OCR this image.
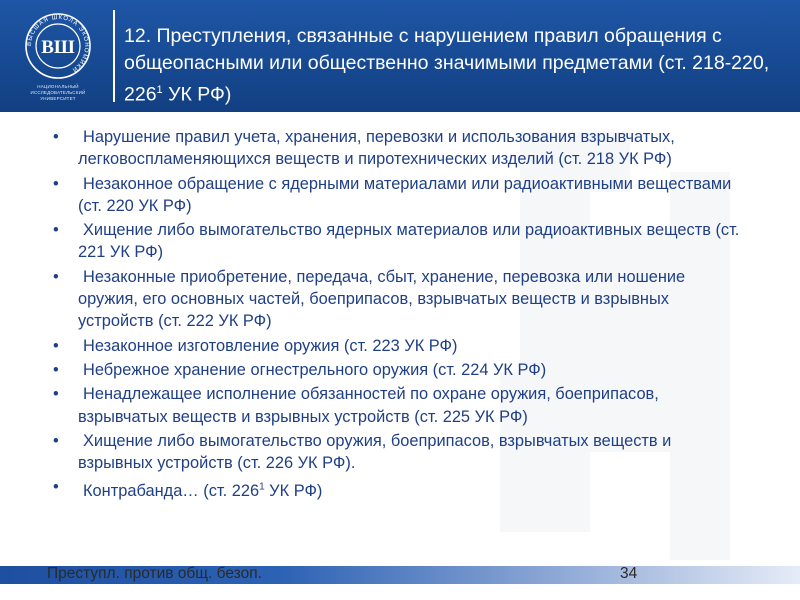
ВЫСШАЯ ШКОЛА ЭКОНОМИКИ
ВШ
НАЦИОНАЛЬНЫЙ ИССЛЕДОВАТЕЛЬСКИЙ УНИВЕРСИТЕТ
12. Преступления, связанные с нарушением правил обращения с общеопасными или общественно значимыми предметами (ст. 218-220, $226^1$ УК РФ)
• Нарушение правил учета, хранения, перевозки и использования взрывчатых, легковоспламеняющихся веществ и пиротехнических изделий (ст. 218 УК РФ)
• Незаконное обращение с ядерными материалами или радиоактивными веществами (ст. 220 УК РФ)
• Хищение либо вымогательство ядерных материалов или радиоактивных веществ (ст. 221 УК РФ)
• Незаконные приобретение, передача, сбыт, хранение, перевозка или ношение оружия, его основных частей, боеприпасов, взрывчатых веществ и взрывных устройств (ст. 222 УК РФ)
• Незаконное изготовление оружия (ст. 223 УК РФ)
• Небрежное хранение огнестрельного оружия (ст. 224 УК РФ)
• Ненадлежащее исполнение обязанностей по охране оружия, боеприпасов, взрывчатых веществ и взрывных устройств (ст. 225 УК РФ)
• Хищение либо вымогательство оружия, боеприпасов, взрывчатых веществ и взрывных устройств (ст. 226 УК РФ).
• Контрабанда… (ст. $226^1$ УК РФ)
Преступл. против общ. безоп.	34
